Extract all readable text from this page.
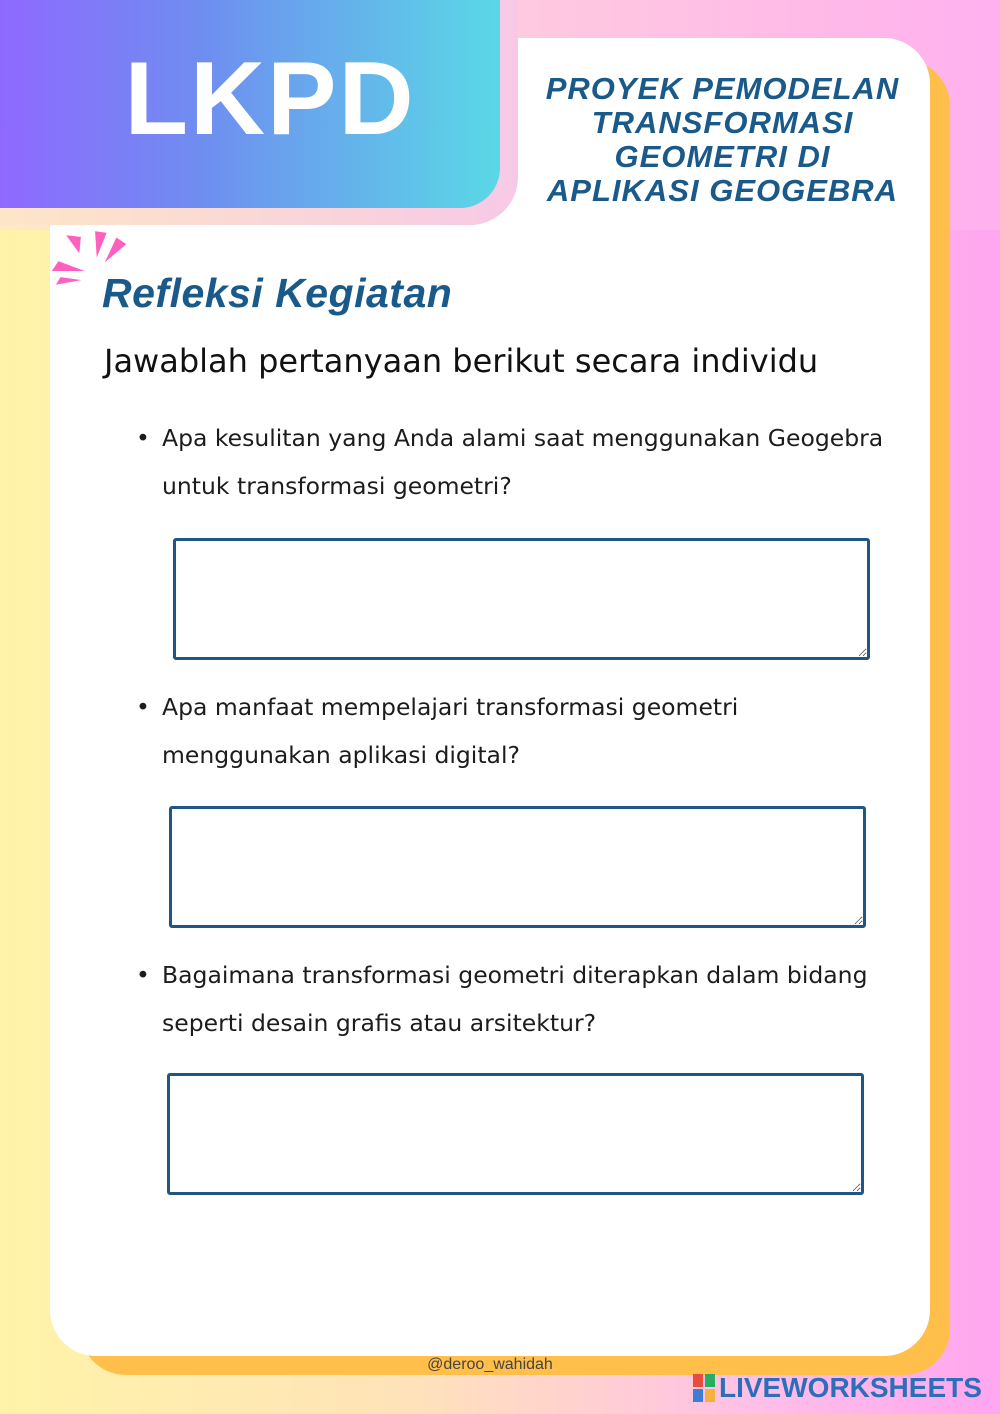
LKPD	PROYEK PEMODELAN TRANSFORMASI GEOMETRI DI APLIKASI GEOGEBRA
Refleksi Kegiatan
Jawablah pertanyaan berikut secara individu
• Apa kesulitan yang Anda alami saat menggunakan Geogebra untuk transformasi geometri?
• Apa manfaat mempelajari transformasi geometri menggunakan aplikasi digital?
• Bagaimana transformasi geometri diterapkan dalam bidang seperti desain grafis atau arsitektur?
@deroo_wahidah
LIVEWORKSHEETS
